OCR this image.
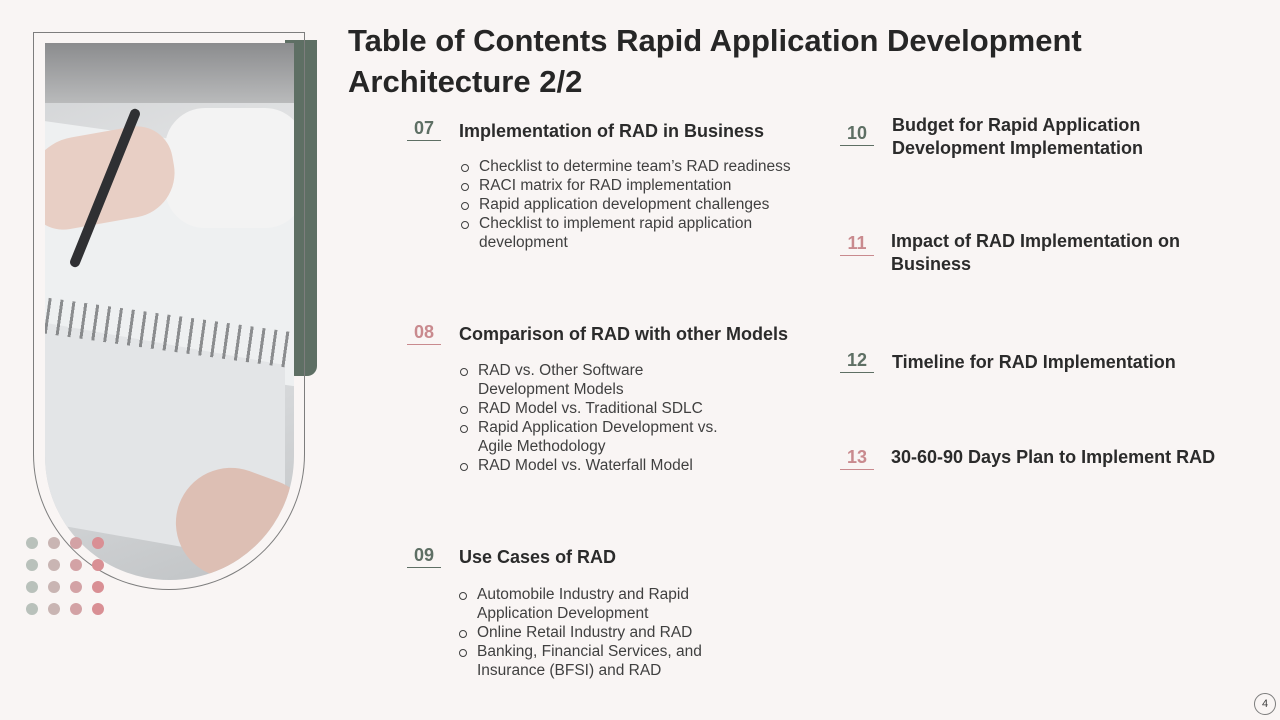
Table of Contents Rapid Application Development Architecture 2/2
07	Implementation of RAD in Business
Checklist to determine team’s RAD readiness
RACI matrix for RAD implementation
Rapid application development challenges
Checklist to implement rapid application development
08	Comparison of RAD with other Models
RAD vs. Other Software Development Models
RAD Model vs. Traditional SDLC
Rapid Application Development vs. Agile Methodology
RAD Model vs. Waterfall Model
09	Use Cases of RAD
Automobile Industry and Rapid Application Development
Online Retail Industry and RAD
Banking, Financial Services, and Insurance (BFSI) and RAD
10	Budget for Rapid Application Development Implementation
11	Impact of RAD Implementation on Business
12	Timeline for RAD Implementation
13	30-60-90 Days Plan to Implement RAD
4
